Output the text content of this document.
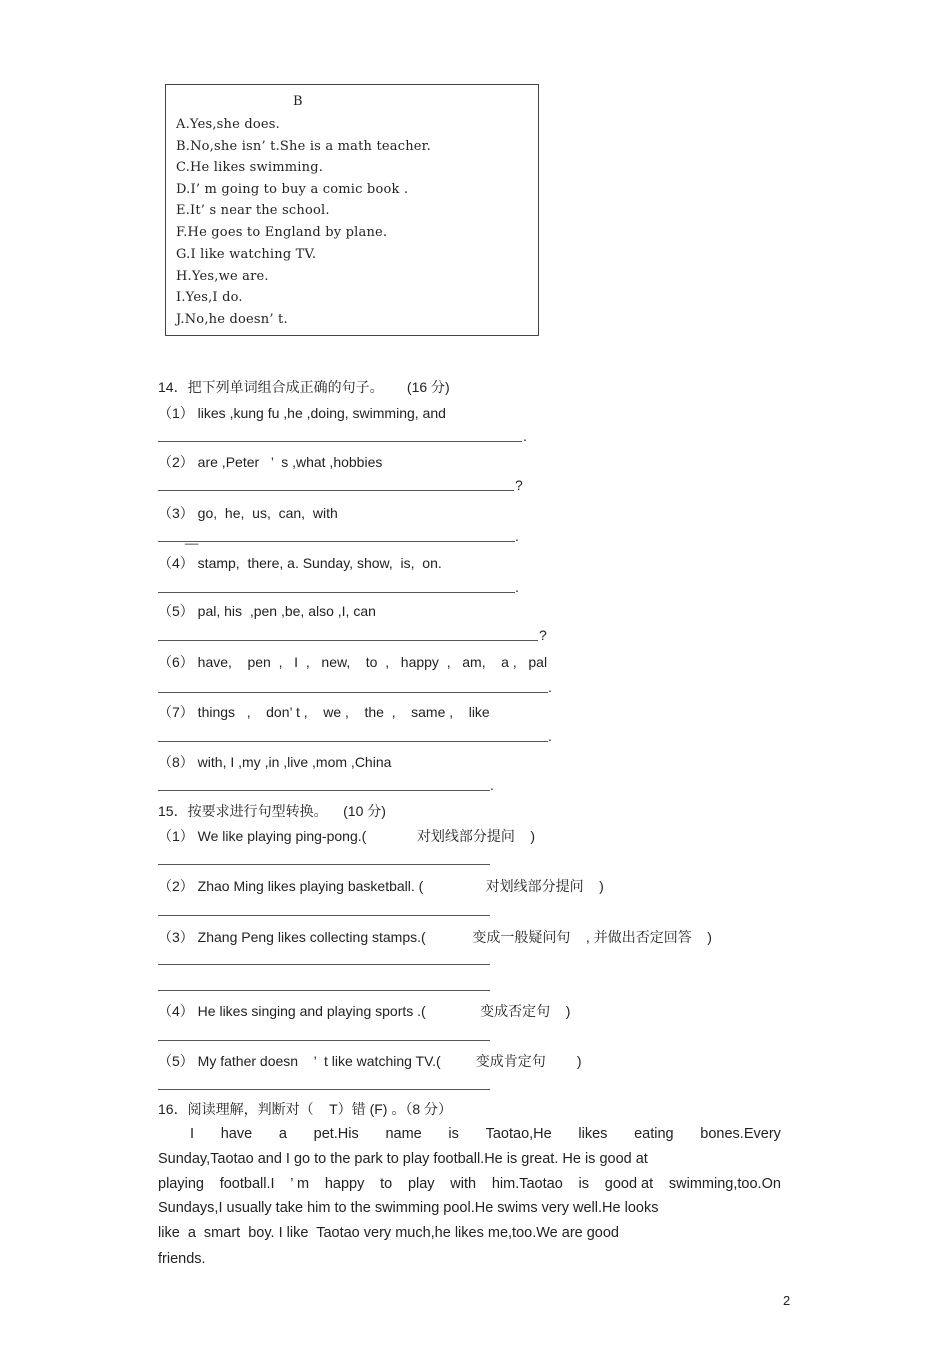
B
A.Yes,she does.
B.No,she isn’ t.She is a math teacher.
C.He likes swimming.
D.I’ m going to buy a comic book .
E.It’ s near the school.
F.He goes to England by plane.
G.I like watching TV.
H.Yes,we are.
I.Yes,I do.
J.No,he doesn’ t.
14．把下列单词组合成正确的句子。      (16 分)
（1） likes ,kung fu ,he ,doing, swimming, and
.
（2） are ,Peter   ’  s ,what ,hobbies
?
（3） go,  he,  us,  can,  with
.
__
（4） stamp,  there, a. Sunday, show,  is,  on.
.
（5） pal, his  ,pen ,be, also ,I, can
?
（6） have,    pen  ,   I  ,   new,    to  ,   happy  ,   am,    a ,   pal
.
（7） things   ,    don’ t ,    we ,    the  ,    same ,    like
.
（8） with, I ,my ,in ,live ,mom ,China
.
15．按要求进行句型转换。    (10 分)
（1） We like playing ping-pong.(             对划线部分提问    )
（2） Zhao Ming likes playing basketball. (                对划线部分提问    )
（3） Zhang Peng likes collecting stamps.(            变成一般疑问句    , 并做出否定回答    )
（4） He likes singing and playing sports .(              变成否定句    )
（5） My father doesn    ’  t like watching TV.(         变成肯定句        )
16．阅读理解，判断对（    T）错 (F) 。（8 分）
I have a pet.His name is Taotao,He likes eating bones.Every
Sunday,Taotao and I go to the park to play football.He is great. He is good at
playing football.I ’ m happy to play with him.Taotao is good at swimming,too.On
Sundays,I usually take him to the swimming pool.He swims very well.He looks
like  a  smart  boy. I like  Taotao very much,he likes me,too.We are good
friends.
2
